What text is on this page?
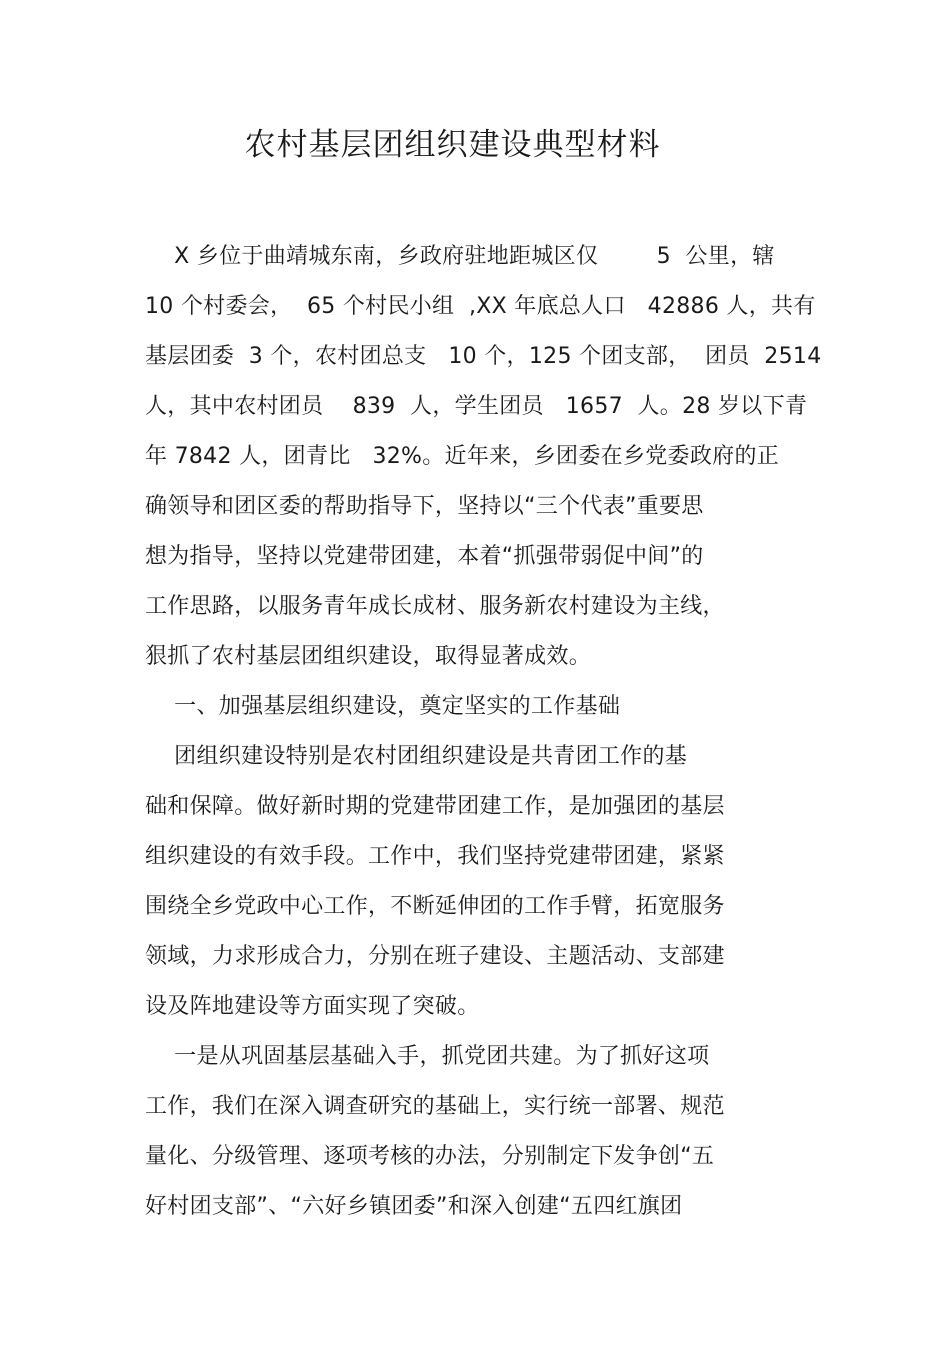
农村基层团组织建设典型材料
X 乡位于曲靖城东南，乡政府驻地距城区仅        5  公里，辖
10 个村委会，  65 个村民小组  ,XX 年底总人口   42886 人，共有
基层团委  3 个，农村团总支   10 个，125 个团支部，  团员  2514
人，其中农村团员    839  人，学生团员   1657  人。28 岁以下青
年 7842 人，团青比   32%。近年来，乡团委在乡党委政府的正
确领导和团区委的帮助指导下，坚持以“三个代表”重要思
想为指导，坚持以党建带团建，本着“抓强带弱促中间”的
工作思路，以服务青年成长成材、服务新农村建设为主线，
狠抓了农村基层团组织建设，取得显著成效。
一、加强基层组织建设，奠定坚实的工作基础
团组织建设特别是农村团组织建设是共青团工作的基
础和保障。做好新时期的党建带团建工作，是加强团的基层
组织建设的有效手段。工作中，我们坚持党建带团建，紧紧
围绕全乡党政中心工作，不断延伸团的工作手臂，拓宽服务
领域，力求形成合力，分别在班子建设、主题活动、支部建
设及阵地建设等方面实现了突破。
一是从巩固基层基础入手，抓党团共建。为了抓好这项
工作，我们在深入调查研究的基础上，实行统一部署、规范
量化、分级管理、逐项考核的办法，分别制定下发争创“五
好村团支部”、“六好乡镇团委”和深入创建“五四红旗团
